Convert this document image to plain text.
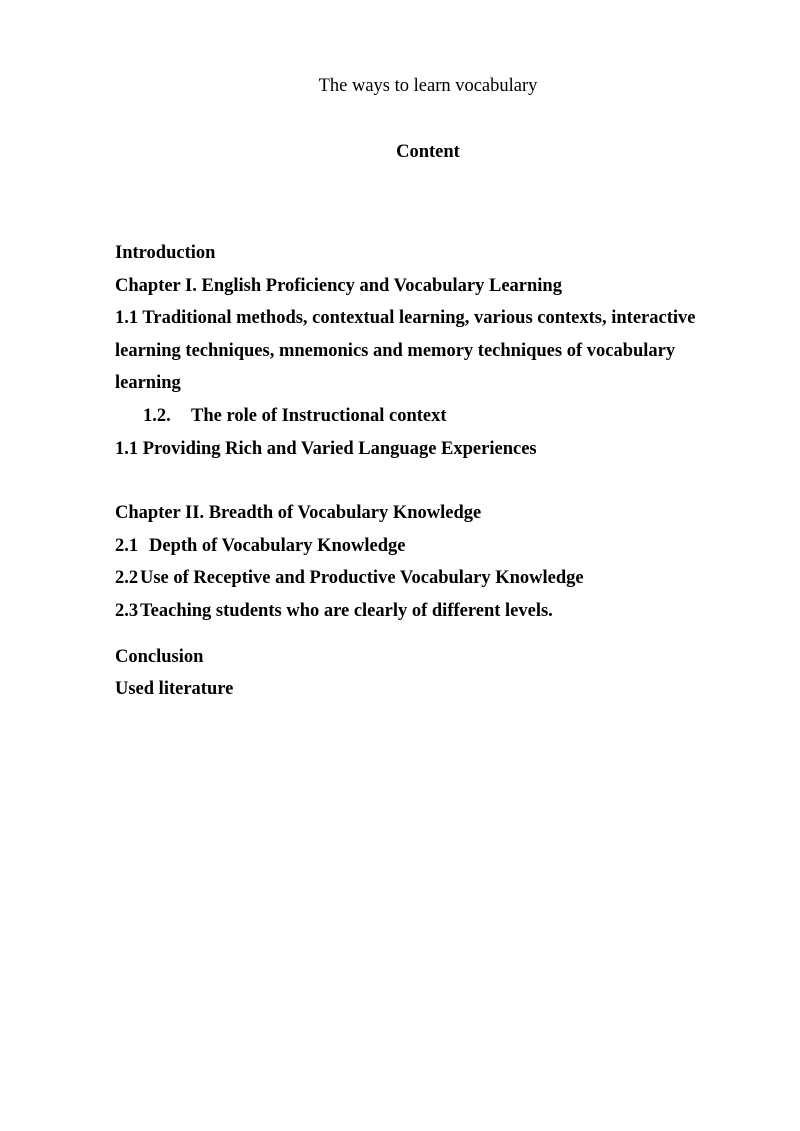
The ways to learn vocabulary

Content

Introduction
Chapter I. English Proficiency and Vocabulary Learning
1.1 Traditional methods, contextual learning, various contexts, interactive learning techniques, mnemonics and memory techniques of vocabulary learning
1.2. The role of Instructional context
1.1 Providing Rich and Varied Language Experiences
Chapter II. Breadth of Vocabulary Knowledge
2.1 Depth of Vocabulary Knowledge
2.2 Use of Receptive and Productive Vocabulary Knowledge
2.3 Teaching students who are clearly of different levels.
Conclusion
Used literature
